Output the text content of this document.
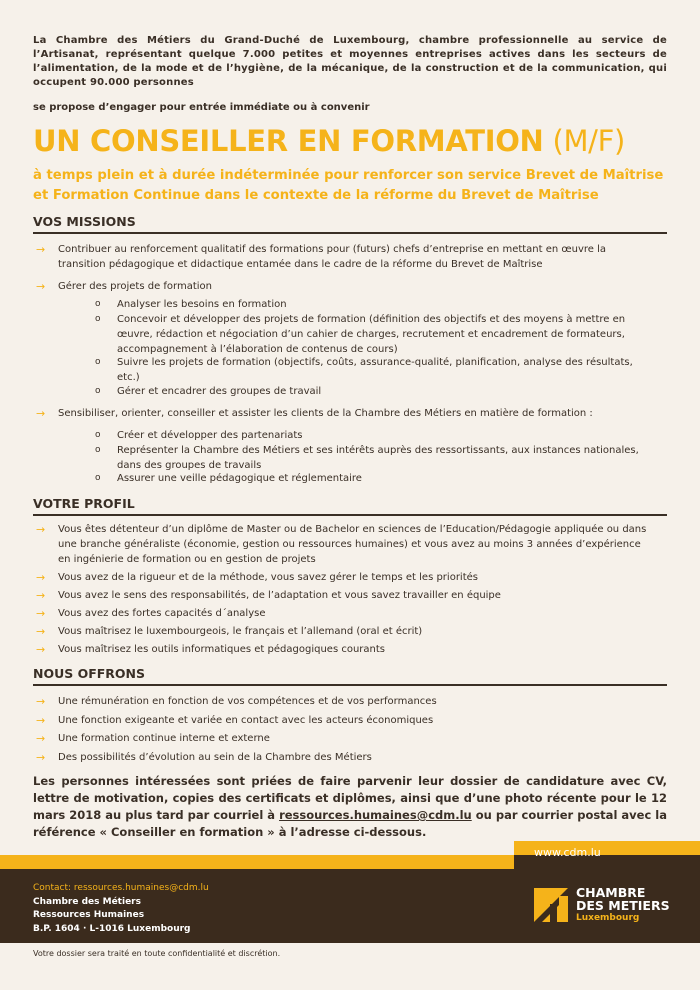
La Chambre des Métiers du Grand-Duché de Luxembourg, chambre professionnelle au service de l’Artisanat, représentant quelque 7.000 petites et moyennes entreprises actives dans les secteurs de l’alimentation, de la mode et de l’hygiène, de la mécanique, de la construction et de la communication, qui occupent 90.000 personnes
se propose d’engager pour entrée immédiate ou à convenir
UN CONSEILLER EN FORMATION (M/F)
à temps plein et à durée indéterminée pour renforcer son service Brevet de Maîtrise et Formation Continue dans le contexte de la réforme du Brevet de Maîtrise
VOS MISSIONS
→ Contribuer au renforcement qualitatif des formations pour (futurs) chefs d’entreprise en mettant en œuvre la transition pédagogique et didactique entamée dans le cadre de la réforme du Brevet de Maîtrise
→ Gérer des projets de formation
o Analyser les besoins en formation
o Concevoir et développer des projets de formation (définition des objectifs et des moyens à mettre en œuvre, rédaction et négociation d’un cahier de charges, recrutement et encadrement de formateurs, accompagnement à l’élaboration de contenus de cours)
o Suivre les projets de formation (objectifs, coûts, assurance-qualité, planification, analyse des résultats, etc.)
o Gérer et encadrer des groupes de travail
→ Sensibiliser, orienter, conseiller et assister les clients de la Chambre des Métiers en matière de formation :
o Créer et développer des partenariats
o Représenter la Chambre des Métiers et ses intérêts auprès des ressortissants, aux instances nationales, dans des groupes de travails
o Assurer une veille pédagogique et réglementaire
VOTRE PROFIL
→ Vous êtes détenteur d’un diplôme de Master ou de Bachelor en sciences de l’Education/Pédagogie appliquée ou dans une branche généraliste (économie, gestion ou ressources humaines) et vous avez au moins 3 années d’expérience en ingénierie de formation ou en gestion de projets
→ Vous avez de la rigueur et de la méthode, vous savez gérer le temps et les priorités
→ Vous avez le sens des responsabilités, de l’adaptation et vous savez travailler en équipe
→ Vous avez des fortes capacités d´analyse
→ Vous maîtrisez le luxembourgeois, le français et l’allemand (oral et écrit)
→ Vous maîtrisez les outils informatiques et pédagogiques courants
NOUS OFFRONS
→ Une rémunération en fonction de vos compétences et de vos performances
→ Une fonction exigeante et variée en contact avec les acteurs économiques
→ Une formation continue interne et externe
→ Des possibilités d’évolution au sein de la Chambre des Métiers
Les personnes intéressées sont priées de faire parvenir leur dossier de candidature avec CV, lettre de motivation, copies des certificats et diplômes, ainsi que d’une photo récente pour le 12 mars 2018 au plus tard par courriel à ressources.humaines@cdm.lu ou par courrier postal avec la référence « Conseiller en formation » à l’adresse ci-dessous.
www.cdm.lu
Contact: ressources.humaines@cdm.lu
Chambre des Métiers
Ressources Humaines
B.P. 1604 · L-1016 Luxembourg
CHAMBRE
DES METIERS
Luxembourg
Votre dossier sera traité en toute confidentialité et discrétion.
